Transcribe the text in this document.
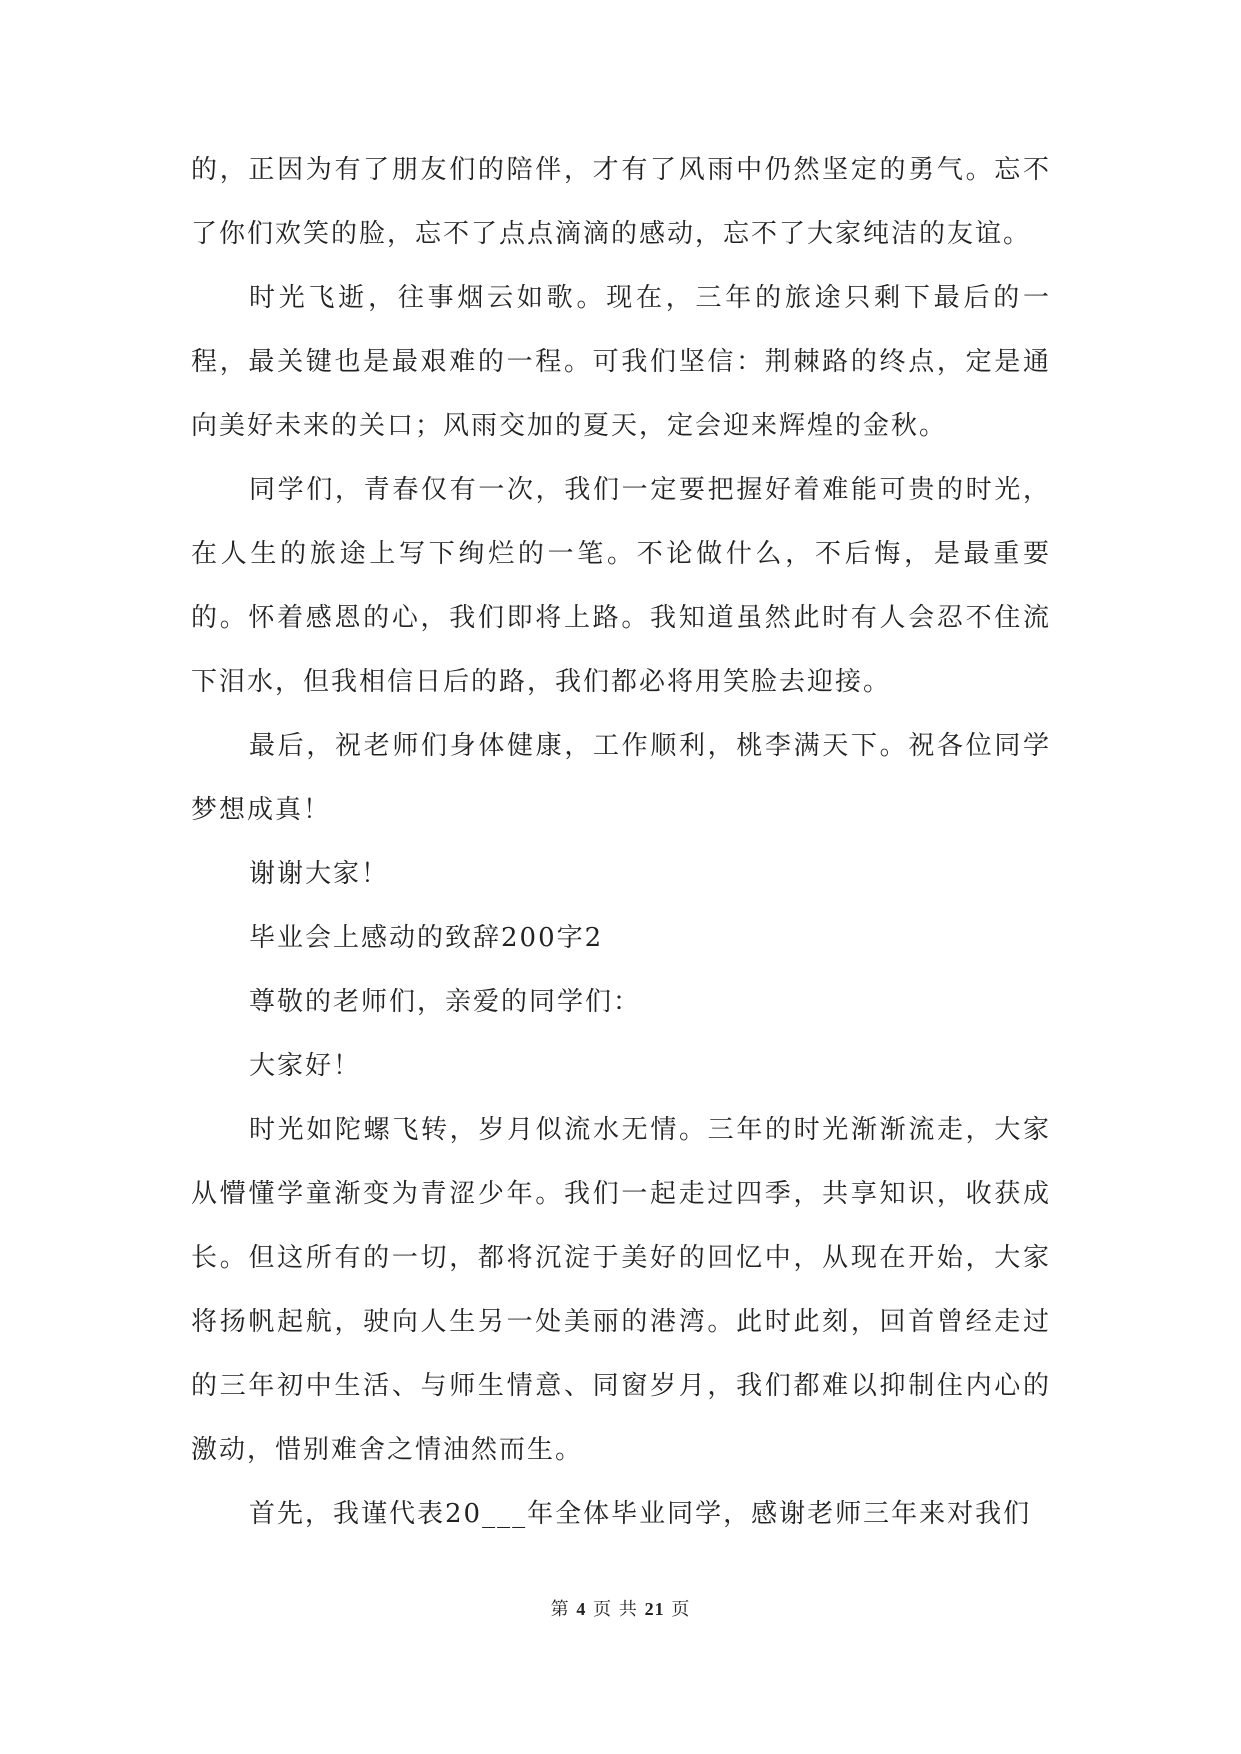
的，正因为有了朋友们的陪伴，才有了风雨中仍然坚定的勇气。忘不了你们欢笑的脸，忘不了点点滴滴的感动，忘不了大家纯洁的友谊。

时光飞逝，往事烟云如歌。现在，三年的旅途只剩下最后的一程，最关键也是最艰难的一程。可我们坚信：荆棘路的终点，定是通向美好未来的关口；风雨交加的夏天，定会迎来辉煌的金秋。

同学们，青春仅有一次，我们一定要把握好着难能可贵的时光，在人生的旅途上写下绚烂的一笔。不论做什么，不后悔，是最重要的。怀着感恩的心，我们即将上路。我知道虽然此时有人会忍不住流下泪水，但我相信日后的路，我们都必将用笑脸去迎接。

最后，祝老师们身体健康，工作顺利，桃李满天下。祝各位同学梦想成真！

谢谢大家！

毕业会上感动的致辞200字2

尊敬的老师们，亲爱的同学们：

大家好！

时光如陀螺飞转，岁月似流水无情。三年的时光渐渐流走，大家从懵懂学童渐变为青涩少年。我们一起走过四季，共享知识，收获成长。但这所有的一切，都将沉淀于美好的回忆中，从现在开始，大家将扬帆起航，驶向人生另一处美丽的港湾。此时此刻，回首曾经走过的三年初中生活、与师生情意、同窗岁月，我们都难以抑制住内心的激动，惜别难舍之情油然而生。

首先，我谨代表20___年全体毕业同学，感谢老师三年来对我们

第 4 页 共 21 页
